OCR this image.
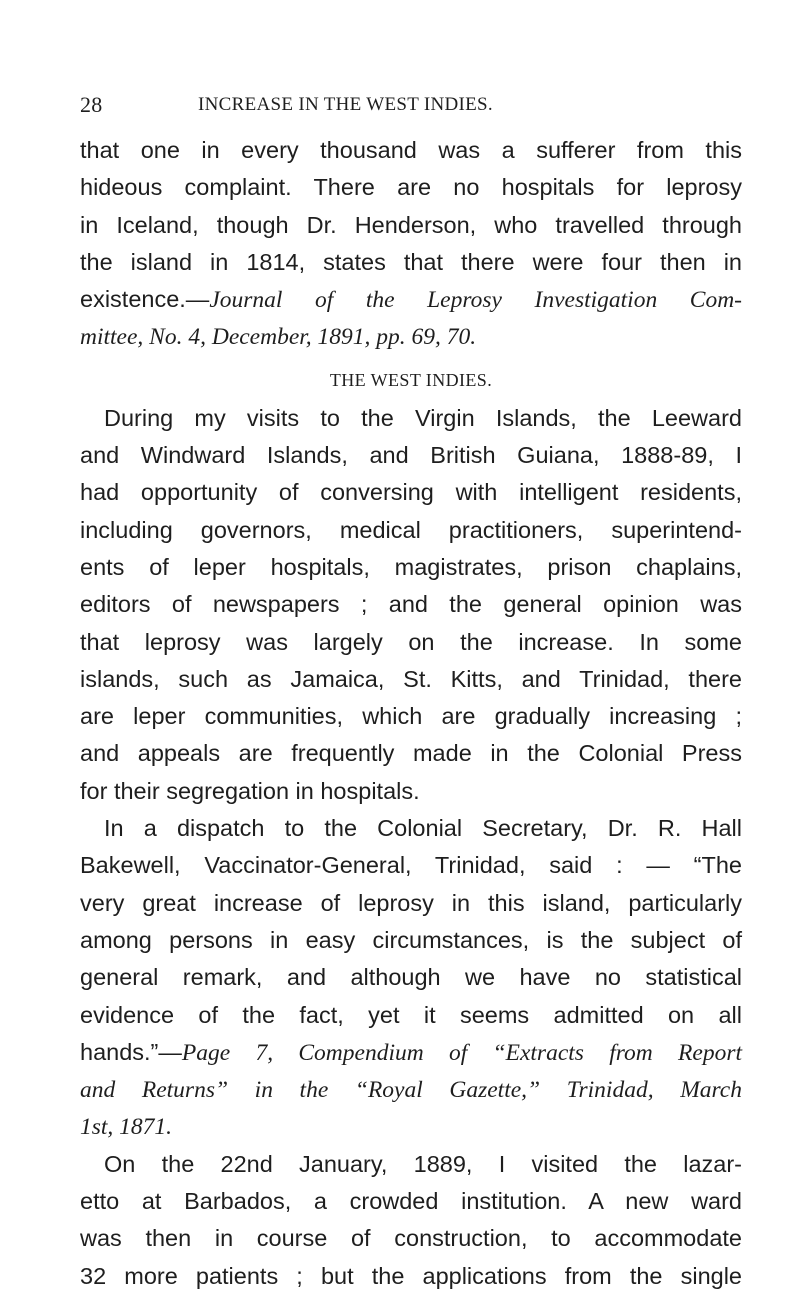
28	INCREASE IN THE WEST INDIES.
that one in every thousand was a sufferer from this
hideous complaint. There are no hospitals for leprosy
in Iceland, though Dr. Henderson, who travelled through
the island in 1814, states that there were four then in
existence.—Journal of the Leprosy Investigation Com-
mittee, No. 4, December, 1891, pp. 69, 70.
THE WEST INDIES.
During my visits to the Virgin Islands, the Leeward
and Windward Islands, and British Guiana, 1888-89, I
had opportunity of conversing with intelligent residents,
including governors, medical practitioners, superintend-
ents of leper hospitals, magistrates, prison chaplains,
editors of newspapers ; and the general opinion was
that leprosy was largely on the increase. In some
islands, such as Jamaica, St. Kitts, and Trinidad, there
are leper communities, which are gradually increasing ;
and appeals are frequently made in the Colonial Press
for their segregation in hospitals.
In a dispatch to the Colonial Secretary, Dr. R. Hall
Bakewell, Vaccinator-General, Trinidad, said : — “The
very great increase of leprosy in this island, particularly
among persons in easy circumstances, is the subject of
general remark, and although we have no statistical
evidence of the fact, yet it seems admitted on all
hands.”—Page 7, Compendium of “Extracts from Report
and Returns” in the “Royal Gazette,” Trinidad, March
1st, 1871.
On the 22nd January, 1889, I visited the lazar-
etto at Barbados, a crowded institution. A new ward
was then in course of construction, to accommodate
32 more patients ; but the applications from the single
